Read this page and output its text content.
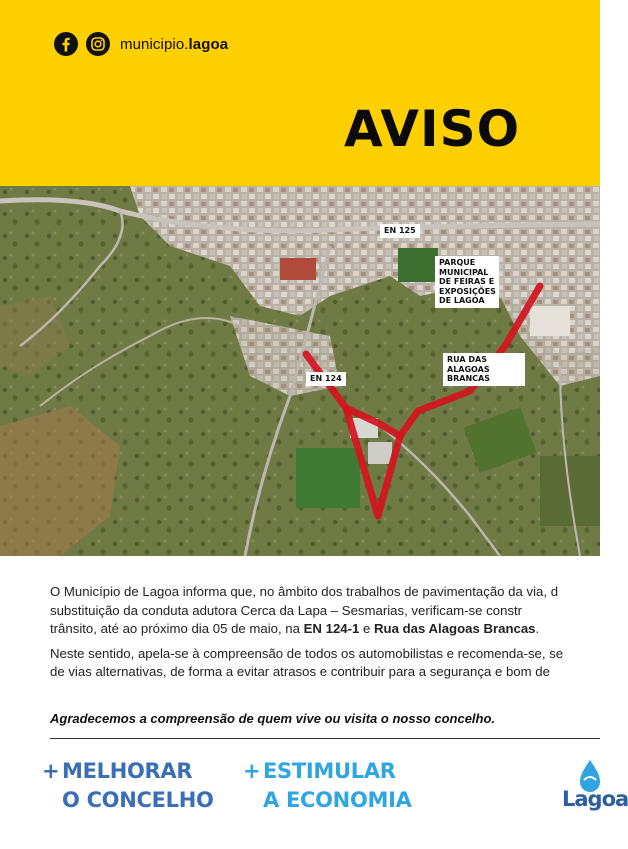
municipio.lagoa
AVISO
EN 125
PARQUE
MUNICIPAL
DE FEIRAS E
EXPOSIÇÕES
DE LAGOA
RUA DAS ALAGOAS
BRANCAS
EN 124

O Município de Lagoa informa que, no âmbito dos trabalhos de pavimentação da via, d
substituição da conduta adutora Cerca da Lapa – Sesmarias, verificam-se constr
trânsito, até ao próximo dia 05 de maio, na EN 124-1 e Rua das Alagoas Brancas.

Neste sentido, apela-se à compreensão de todos os automobilistas e recomenda-se, se
de vias alternativas, de forma a evitar atrasos e contribuir para a segurança e bom de

Agradecemos a compreensão de quem vive ou visita o nosso concelho.
+ MELHORAR
O CONCELHO
+ ESTIMULAR
A ECONOMIA	Lagoa
